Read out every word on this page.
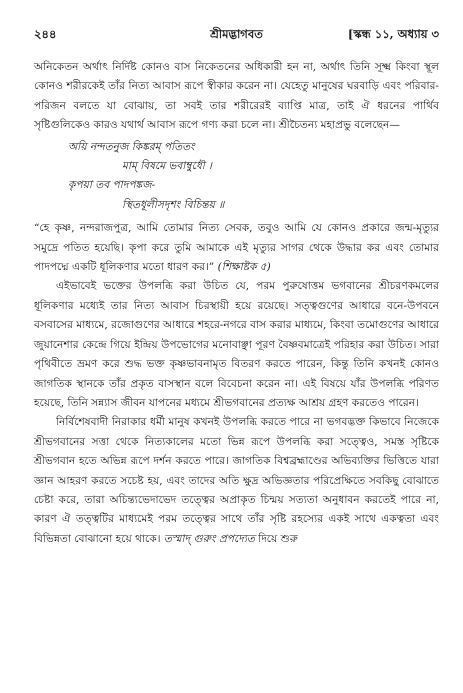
২৪৪	শ্রীমদ্ভাগবত	[স্কন্ধ ১১, অধ্যায় ৩

অনিকেতন অর্থাৎ নির্দিষ্ট কোনও বাস নিকেতনের অধিকারী হন না, অর্থাৎ তিনি সূক্ষ্ম কিংবা স্থূল কোনও শরীরকেই তাঁর নিত্য আবাস রূপে স্বীকার করেন না। যেহেতু মানুষের ঘরবাড়ি এবং পরিবার-পরিজন বলতে যা বোঝায়, তা সবই তার শরীরেরই ব্যাপ্তি মাত্র, তাই ঐ ধরনের পার্থিব সৃষ্টিগুলিকেও কারও যথার্থ আবাস রূপে গণ্য করা চলে না। শ্রীচৈতন্য মহাপ্রভু বলেছেন—

অয়ি নন্দতনুজ কিঙ্করম্ পতিতং
মাম্ বিষমে ভবাম্বুধৌ ।
কৃপয়া তব পাদপঙ্কজ-
স্থিতধূলীসদৃশং বিচিন্তয় ॥

“হে কৃষ্ণ, নন্দরাজপুত্র, আমি তোমার নিত্য সেবক, তবুও আমি যে কোনও প্রকারে জন্ম-মৃত্যুর সমুদ্রে পতিত হয়েছি। কৃপা করে তুমি আমাকে এই মৃত্যুর সাগর থেকে উদ্ধার কর এবং তোমার পাদপদ্মে একটি ধূলিকণার মতো ধারণ কর।” (শিক্ষাষ্টক ৫)

এইভাবেই ভক্তের উপলব্ধি করা উচিত যে, পরম পুরুষোত্তম ভগবানের শ্রীচরণকমলের ধূলিকণার মধ্যেই তার নিত্য আবাস চিরস্থায়ী হয়ে রয়েছে। সত্ত্বগুণের আধারে বনে-উপবনে বসবাসের মাধ্যমে, রজোগুণের আধারে শহরে-নগরে বাস করার মাধ্যমে, কিংবা তমোগুণের আধারে জুয়ানেশার কেন্দ্রে গিয়ে ইন্দ্রিয় উপভোগের মনোবাঞ্ছা পূরণ বৈষ্ণবমাত্রেই পরিহার করা উচিত। সারা পৃথিবীতে ভ্রমণ করে শুদ্ধ ভক্ত কৃষ্ণভাবনামৃত বিতরণ করতে পারেন, কিন্তু তিনি কখনই কোনও জাগতিক স্থানকে তাঁর প্রকৃত বাসস্থান বলে বিবেচনা করেন না। এই বিষয়ে যাঁর উপলব্ধি পরিণত হয়েছে, তিনি সন্ন্যাস জীবন যাপনের মধ্যমে শ্রীভগবানের প্রত্যক্ষ আশ্রয় গ্রহণ করতেও পারেন।

নির্বিশেষবাদী নিরাকার ধর্মী মানুষ কখনই উপলব্ধি করতে পারে না ভগবদ্ভক্ত কিভাবে নিজেকে শ্রীভগবানের সত্তা থেকে নিত্যকালের মতো ভিন্ন রূপে উপলব্ধি করা সত্ত্বেও, সমস্ত সৃষ্টিকে শ্রীভগবান হতে অভিন্ন রূপে দর্শন করতে পারে। জাগতিক বিশ্বব্রহ্মাণ্ডের অভিব্যক্তির ভিত্তিতে যারা জ্ঞান আহরণ করতে সচেষ্ট হয়, এবং তাদের অতি ক্ষুদ্র অভিজ্ঞতার পরিপ্রেক্ষিতে সবকিছু বোঝাতে চেষ্টা করে, তারা অচিন্ত্যভেদাভেদ তত্ত্বের অপ্রাকৃত চিন্ময় সত্যতা অনুধাবন করতেই পারে না, কারণ ঐ তত্ত্বটির মাধ্যমেই পরম তত্ত্বের সাথে তাঁর সৃষ্টি রহস্যের একই সাথে একত্বতা এবং বিভিন্নতা বোঝানো হয়ে থাকে। তস্মাদ্ গুরুং প্রপদ্যেত দিয়ে শুরু
